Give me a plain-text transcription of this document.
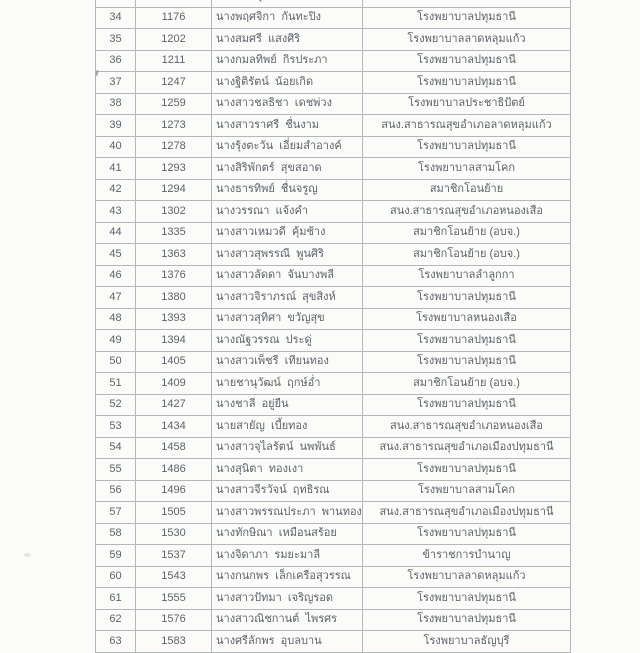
34	1176	นางพฤศจิกา  กันทะปิง	โรงพยาบาลปทุมธานี
35	1202	นางสมศรี  แสงศิริ	โรงพยาบาลลาดหลุมแก้ว
36	1211	นางกมลทิพย์  กิรประภา	โรงพยาบาลปทุมธานี
37	1247	นางฐิติรัตน์  น้อยเกิด	โรงพยาบาลปทุมธานี
38	1259	นางสาวชลธิชา  เดชพ่วง	โรงพยาบาลประชาธิปัตย์
39	1273	นางสาวราศรี  ชื่นงาม	สนง.สาธารณสุขอำเภอลาดหลุมแก้ว
40	1278	นางรุ้งตะวัน  เอี่ยมสำอางค์	โรงพยาบาลปทุมธานี
41	1293	นางสิริพักตร์  สุขสอาด	โรงพยาบาลสามโคก
42	1294	นางธารทิพย์  ชื่นจรูญ	สมาชิกโอนย้าย
43	1302	นางวรรณา  แจ้งคำ	สนง.สาธารณสุขอำเภอหนองเสือ
44	1335	นางสาวเหมวดี  คุ้มช้าง	สมาชิกโอนย้าย (อบจ.)
45	1363	นางสาวสุพรรณี  พูนศิริ	สมาชิกโอนย้าย (อบจ.)
46	1376	นางสาวลัดดา  จันบางพลี	โรงพยาบาลลำลูกกา
47	1380	นางสาวจิราภรณ์  สุขสิงห์	โรงพยาบาลปทุมธานี
48	1393	นางสาวสุทิศา  ขวัญสุข	โรงพยาบาลหนองเสือ
49	1394	นางณัฐวรรณ  ประดู่	โรงพยาบาลปทุมธานี
50	1405	นางสาวเพ็ชรี  เทียนทอง	โรงพยาบาลปทุมธานี
51	1409	นายชานุวัฒน์  ฤกษ์อ่ำ	สมาชิกโอนย้าย (อบจ.)
52	1427	นางชาลี  อยู่ยืน	โรงพยาบาลปทุมธานี
53	1434	นายสายัญ  เบี้ยทอง	สนง.สาธารณสุขอำเภอหนองเสือ
54	1458	นางสาวจุไลรัตน์  นพพันธ์	สนง.สาธารณสุขอำเภอเมืองปทุมธานี
55	1486	นางสุนิตา  ทองเงา	โรงพยาบาลปทุมธานี
56	1496	นางสาวจีรวัจน์  ฤทธิรณ	โรงพยาบาลสามโคก
57	1505	นางสาวพรรณประภา  พานทอง	สนง.สาธารณสุขอำเภอเมืองปทุมธานี
58	1530	นางทักษิณา  เหมือนสร้อย	โรงพยาบาลปทุมธานี
59	1537	นางจิดาภา  รมยะมาลี	ข้าราชการบำนาญ
60	1543	นางกนกพร  เล็กเครือสุวรรณ	โรงพยาบาลลาดหลุมแก้ว
61	1555	นางสาวปัทมา  เจริญรอด	โรงพยาบาลปทุมธานี
62	1576	นางสาวณิชกานต์  ไพรศร	โรงพยาบาลปทุมธานี
63	1583	นางศรีลักพร  อุบลบาน	โรงพยาบาลธัญบุรี
